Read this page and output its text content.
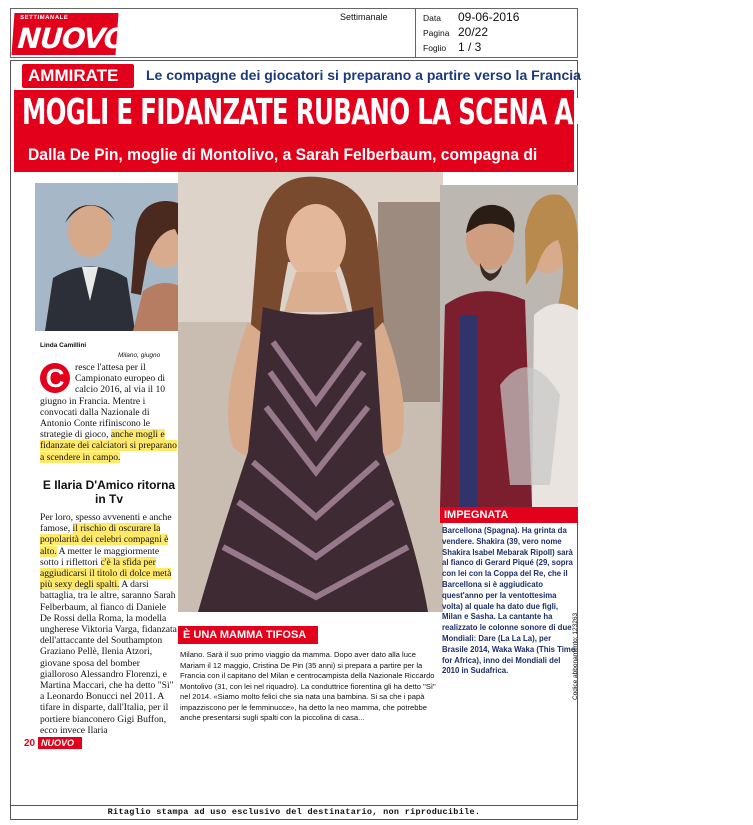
SETTIMANALE
NUOVO
Settimanale	Data 09-06-2016
Pagina 20/22
Foglio 1 / 3
AMMIRATE	Le compagne dei giocatori si preparano a partire verso la Francia
MOGLI E FIDANZATE RUBANO LA SCENA AI CALCIATORI:
Dalla De Pin, moglie di Montolivo, a Sarah Felberbaum, compagna di
Linda Camillini
Milano, giugno
C	resce l'attesa per il Campionato europeo di calcio 2016, al via il 10 giugno in Francia. Mentre i convocati dalla Nazionale di Antonio Conte rifiniscono le strategie di gioco, anche mogli e fidanzate dei calciatori si preparano a scendere in campo.
E Ilaria D'Amico ritorna in Tv
Per loro, spesso avvenenti e anche famose, il rischio di oscurare la popolarità dei celebri compagni è alto. A metter le maggiormente sotto i riflettori c'è la sfida per aggiudicarsi il titolo di dolce metà più sexy degli spalti. A darsi battaglia, tra le altre, saranno Sarah Felberbaum, al fianco di Daniele De Rossi della Roma, la modella ungherese Viktoria Varga, fidanzata dell'attaccante del Southampton Graziano Pellè, Ilenia Atzori, giovane sposa del bomber gialloroso Alessandro Florenzi, e Martina Maccari, che ha detto "Sì" a Leonardo Bonucci nel 2011. A tifare in disparte, dall'Italia, per il portiere bianconero Gigi Buffon, ecco invece Ilaria
È UNA MAMMA TIFOSA
Milano. Sarà il suo primo viaggio da mamma. Dopo aver dato alla luce Mariam il 12 maggio, Cristina De Pin (35 anni) si prepara a partire per la Francia con il capitano del Milan e centrocampista della Nazionale Riccardo Montolivo (31, con lei nel riquadro). La conduttrice fiorentina gli ha detto "Sì" nel 2014. «Siamo molto felici che sia nata una bambina. Si sa che i papà impazziscono per le femminucce», ha detto la neo mamma, che potrebbe anche presentarsi sugli spalti con la piccolina di casa...
IMPEGNATA
Barcellona (Spagna). Ha grinta da vendere. Shakira (39, vero nome Shakira Isabel Mebarak Ripoll) sarà al fianco di Gerard Piqué (29, sopra con lei con la Coppa del Re, che il Barcellona si è aggiudicato quest'anno per la ventottesima volta) al quale ha dato due figli, Milan e Sasha. La cantante ha realizzato le colonne sonore di due Mondiali: Dare (La La La), per Brasile 2014, Waka Waka (This Time for Africa), inno dei Mondiali del 2010 in Sudafrica.
20 NUOVO
Codice abbonamento: 123263
Ritaglio stampa ad uso esclusivo del destinatario, non riproducibile.
